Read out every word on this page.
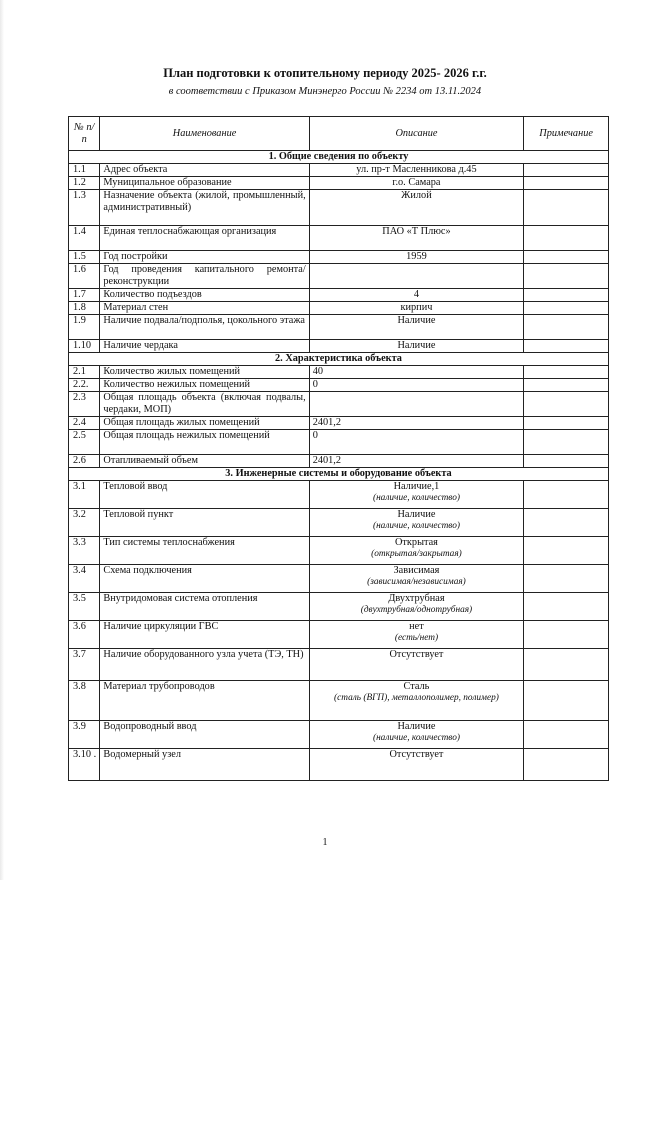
План подготовки к отопительному периоду 2025- 2026 г.г.
в соответствии с Приказом Минэнерго России № 2234 от 13.11.2024
№ п/п	Наименование	Описание	Примечание
1. Общие сведения по объекту			
1.1	Адрес объекта	ул. пр-т Масленникова д.45	
1.2	Муниципальное образование	г.о. Самара	
1.3	Назначение объекта (жилой, промышленный, административный)	Жилой	
1.4	Единая теплоснабжающая организация	ПАО «Т Плюс»	
1.5	Год постройки	1959	
1.6	Год проведения капитального ремонта/реконструкции		
1.7	Количество подъездов	4	
1.8	Материал стен	кирпич	
1.9	Наличие подвала/подполья, цокольного этажа	Наличие	
1.10	Наличие чердака	Наличие	
2. Характеристика объекта			
2.1	Количество жилых помещений	40	
2.2.	Количество нежилых помещений	0	
2.3	Общая площадь объекта (включая подвалы, чердаки, МОП)		
2.4	Общая площадь жилых помещений	2401,2	
2.5	Общая площадь нежилых помещений	0	
2.6	Отапливаемый объем	2401,2	
3. Инженерные системы и оборудование объекта			
3.1	Тепловой ввод	Наличие,1
(наличие, количество)	

3.2	Тепловой пункт	Наличие
(наличие, количество)	

3.3	Тип системы теплоснабжения	Открытая
(открытая/закрытая)	

3.4	Схема подключения	Зависимая
(зависимая/независимая)	

3.5	Внутридомовая система отопления	Двухтрубная
(двухтрубная/однотрубная)	

3.6	Наличие циркуляции ГВС	нет
(есть/нет)	

3.7	Наличие оборудованного узла учета (ТЭ, ТН)	Отсутствует	
3.8	Материал трубопроводов	Сталь
(сталь (ВГП), металлополимер, полимер)	

3.9	Водопроводный ввод	Наличие
(наличие, количество)	

3.10 .	Водомерный узел	Отсутствует	
1
